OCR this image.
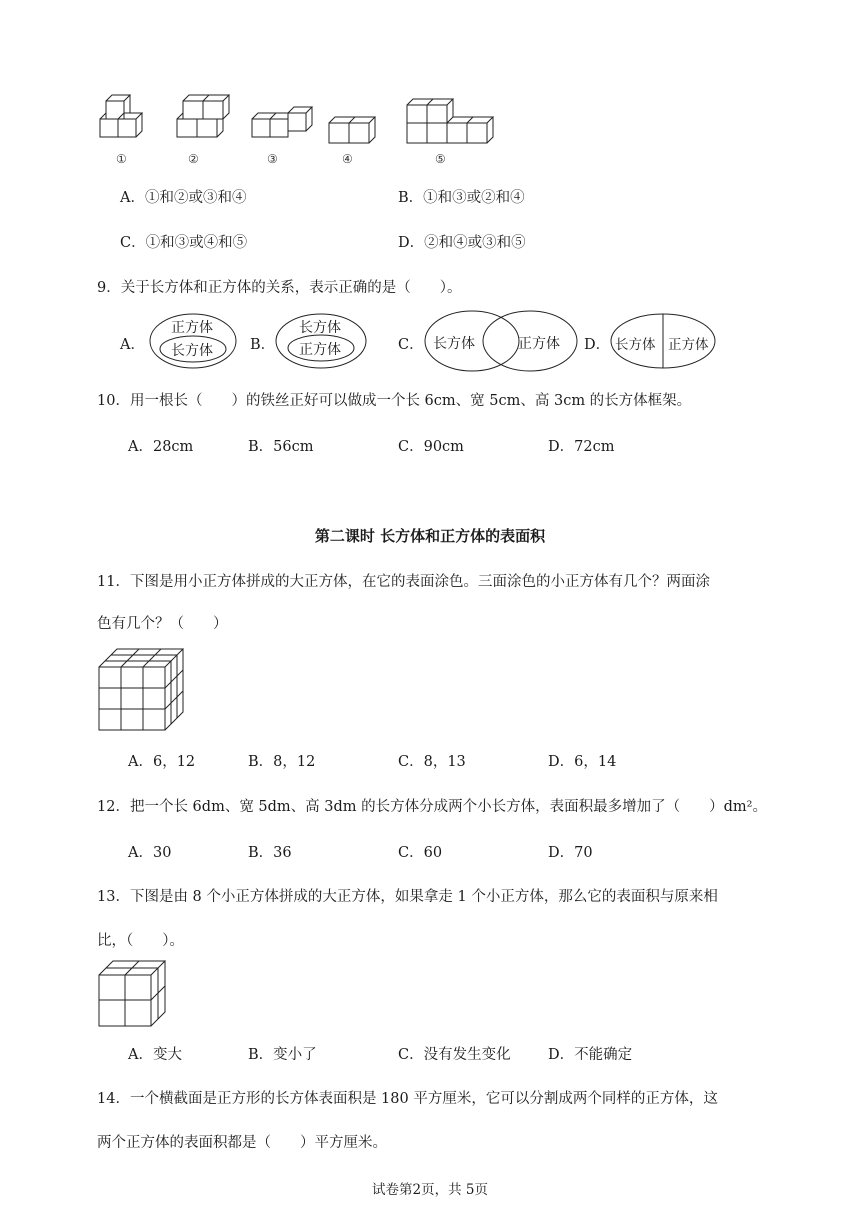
①	②	③	④	⑤
A．①和②或③和④	B．①和③或②和④
C．①和③或④和⑤	D．②和④或③和⑤
9．关于长方体和正方体的关系，表示正确的是（　　）。
A．
正方体
长方体	B．
长方体
正方体	C． 长方体	正方体 D． 长方体 正方体
10．用一根长（　　）的铁丝正好可以做成一个长 6cm、宽 5cm、高 3cm 的长方体框架。
A．28cm	B．56cm	C．90cm	D．72cm
第二课时 长方体和正方体的表面积
11．下图是用小正方体拼成的大正方体，在它的表面涂色。三面涂色的小正方体有几个？两面涂
色有几个？（　　）
A．6，12	B．8，12	C．8，13	D．6，14
12．把一个长 6dm、宽 5dm、高 3dm 的长方体分成两个小长方体，表面积最多增加了（　　）dm²。
A．30	B．36	C．60	D．70
13．下图是由 8 个小正方体拼成的大正方体，如果拿走 1 个小正方体，那么它的表面积与原来相
比，（　　）。
A．变大	B．变小了	C．没有发生变化	D．不能确定
14．一个横截面是正方形的长方体表面积是 180 平方厘米，它可以分割成两个同样的正方体，这
两个正方体的表面积都是（　　）平方厘米。
试卷第2页，共 5页
